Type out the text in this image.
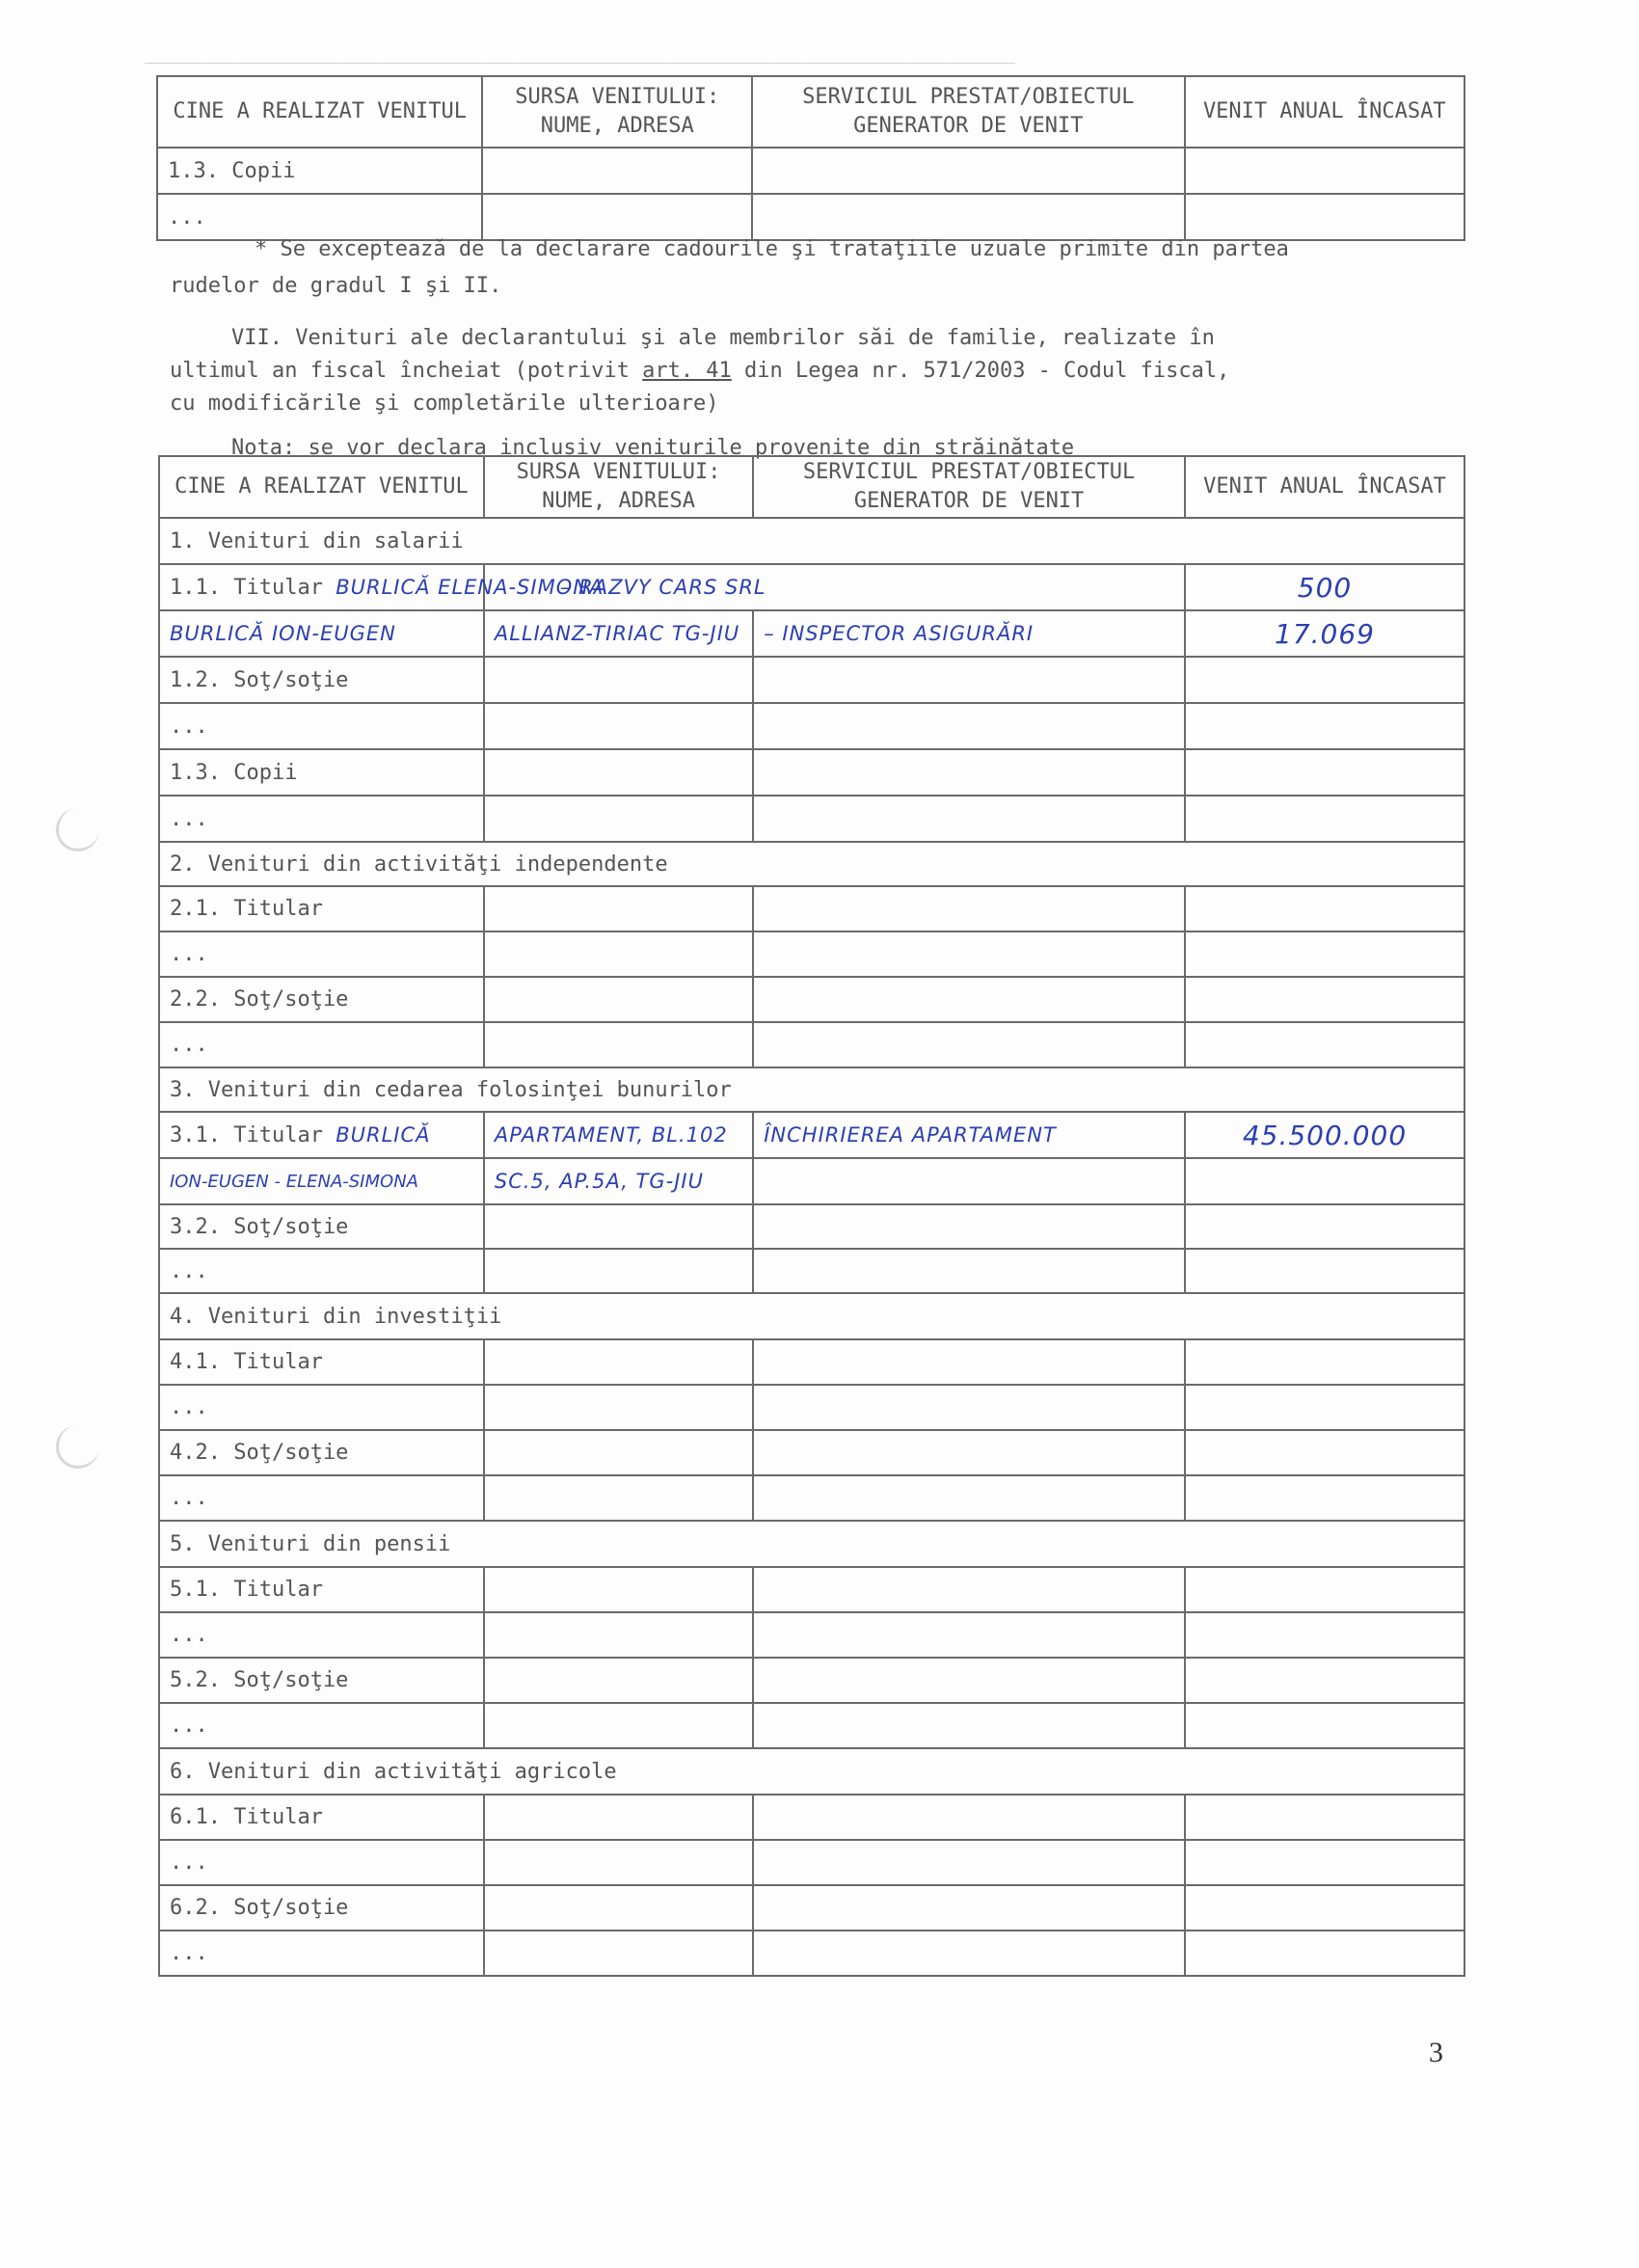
___________________________________________________________________________
CINE A REALIZAT VENITUL	SURSA VENITULUI: NUME, ADRESA	SERVICIUL PRESTAT/OBIECTUL GENERATOR DE VENIT	VENIT ANUAL ÎNCASAT
1.3. Copii			
...			
* Se exceptează de la declarare cadourile şi trataţiile uzuale primite din partea
rudelor de gradul I şi II.
VII. Venituri ale declarantului şi ale membrilor săi de familie, realizate în
ultimul an fiscal încheiat (potrivit art. 41 din Legea nr. 571/2003 - Codul fiscal,
cu modificările şi completările ulterioare)
Nota: se vor declara inclusiv veniturile provenite din străinătate
CINE A REALIZAT VENITUL	SURSA VENITULUI: NUME, ADRESA	SERVICIUL PRESTAT/OBIECTUL GENERATOR DE VENIT	VENIT ANUAL ÎNCASAT
1. Venituri din salarii			
1.1. Titular BURLICĂ ELENA-SIMONA	– RAZVY CARS SRL		500
BURLICĂ ION-EUGEN	ALLIANZ-TIRIAC TG-JIU	– INSPECTOR ASIGURĂRI	17.069
1.2. Soţ/soţie			
...			
1.3. Copii			
...			
2. Venituri din activităţi independente			
2.1. Titular			
...			
2.2. Soţ/soţie			
...			
3. Venituri din cedarea folosinţei bunurilor			
3.1. Titular BURLICĂ	APARTAMENT, BL.102	ÎNCHIRIEREA APARTAMENT	45.500.000
ION-EUGEN - ELENA-SIMONA	SC.5, AP.5A, TG-JIU		
3.2. Soţ/soţie			
...			
4. Venituri din investiţii			
4.1. Titular			
...			
4.2. Soţ/soţie			
...			
5. Venituri din pensii			
5.1. Titular			
...			
5.2. Soţ/soţie			
...			
6. Venituri din activităţi agricole			
6.1. Titular			
...			
6.2. Soţ/soţie			
...			
3
